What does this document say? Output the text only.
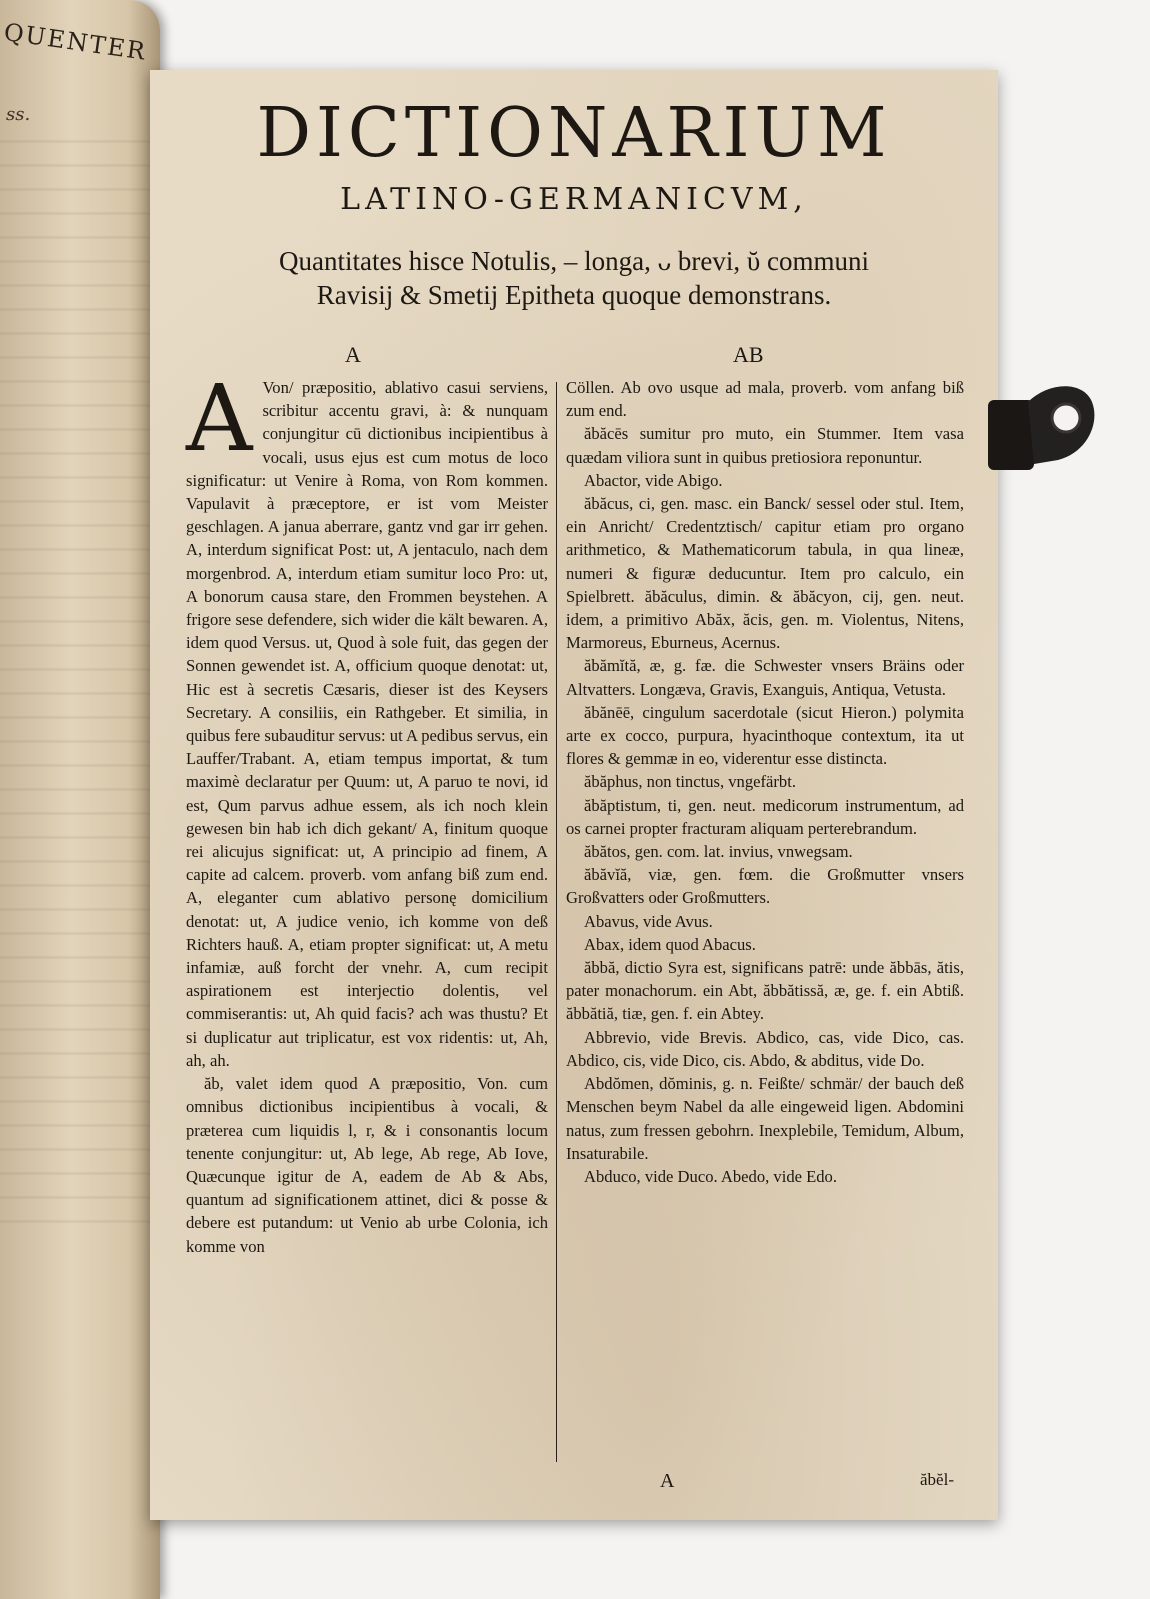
QUENTER
ss.	DICTIONARIUM
LATINO-GERMANICVM,
Quantitates hisce Notulis, ‒ longa, ᴗ brevi, ῠ communi
Ravisij & Smetij Epitheta quoque demonstrans.
A	AB

A Von/ præpositio, ablativo casui serviens, scribitur accentu gravi, à: & nunquam conjungitur cū dictionibus incipientibus à vocali, usus ejus est cum motus de loco significatur: ut Venire à Roma, von Rom kommen. Vapulavit à præceptore, er ist vom Meister geschlagen. A janua aberrare, gantz vnd gar irr gehen. A, interdum significat Post: ut, A jentaculo, nach dem morgenbrod. A, interdum etiam sumitur loco Pro: ut, A bonorum causa stare, den Frommen beystehen. A frigore sese defendere, sich wider die kält bewaren. A, idem quod Versus. ut, Quod à sole fuit, das gegen der Sonnen gewendet ist. A, officium quoque denotat: ut, Hic est à secretis Cæsaris, dieser ist des Keysers Secretary. A consiliis, ein Rathgeber. Et similia, in quibus fere subauditur servus: ut A pedibus servus, ein Lauffer/Trabant. A, etiam tempus importat, & tum maximè declaratur per Quum: ut, A paruo te novi, id est, Qum parvus adhue essem, als ich noch klein gewesen bin hab ich dich gekant/ A, finitum quoque rei alicujus significat: ut, A principio ad finem, A capite ad calcem. proverb. vom anfang biß zum end. A, eleganter cum ablativo personę domicilium denotat: ut, A judice venio, ich komme von deß Richters hauß. A, etiam propter significat: ut, A metu infamiæ, auß forcht der vnehr. A, cum recipit aspirationem est interjectio dolentis, vel commiserantis: ut, Ah quid facis? ach was thustu? Et si duplicatur aut triplicatur, est vox ridentis: ut, Ah, ah, ah.

ăb, valet idem quod A præpositio, Von. cum omnibus dictionibus incipientibus à vocali, & præterea cum liquidis l, r, & i consonantis locum tenente conjungitur: ut, Ab lege, Ab rege, Ab Iove, Quæcunque igitur de A, eadem de Ab & Abs, quantum ad significationem attinet, dici & posse & debere est putandum: ut Venio ab urbe Colonia, ich komme von

Cöllen. Ab ovo usque ad mala, proverb. vom anfang biß zum end.

ăbăcēs sumitur pro muto, ein Stummer. Item vasa quædam viliora sunt in quibus pretiosiora reponuntur.

Abactor, vide Abigo.

ăbăcus, ci, gen. masc. ein Banck/ sessel oder stul. Item, ein Anricht/ Credentztisch/ capitur etiam pro organo arithmetico, & Mathematicorum tabula, in qua lineæ, numeri & figuræ deducuntur. Item pro calculo, ein Spielbrett. ăbăculus, dimin. & ăbăcyon, cij, gen. neut. idem, a primitivo Abăx, ăcis, gen. m. Violentus, Nitens, Marmoreus, Eburneus, Acernus.

ăbămĭtă, æ, g. fæ. die Schwester vnsers Bräins oder Altvatters. Longæva, Gravis, Exanguis, Antiqua, Vetusta.

ăbănēē, cingulum sacerdotale (sicut Hieron.) polymita arte ex cocco, purpura, hyacinthoque contextum, ita ut flores & gemmæ in eo, viderentur esse distincta.

ăbăphus, non tinctus, vngefärbt.

ăbăptistum, ti, gen. neut. medicorum instrumentum, ad os carnei propter fracturam aliquam perterebrandum.

ăbătos, gen. com. lat. invius, vnwegsam.

ăbăvĭă, viæ, gen. fœm. die Großmutter vnsers Großvatters oder Großmutters.

Abavus, vide Avus.

Abax, idem quod Abacus.

ăbbă, dictio Syra est, significans patrē: unde ăbbās, ătis, pater monachorum. ein Abt, ăbbătissă, æ, ge. f. ein Abtiß. ăbbătiă, tiæ, gen. f. ein Abtey.

Abbrevio, vide Brevis. Abdico, cas, vide Dico, cas. Abdico, cis, vide Dico, cis. Abdo, & abditus, vide Do.

Abdŏmen, dŏminis, g. n. Feißte/ schmär/ der bauch deß Menschen beym Nabel da alle eingeweid ligen. Abdomini natus, zum fressen gebohrn. Inexplebile, Temidum, Album, Insaturabile.

Abduco, vide Duco. Abedo, vide Edo.

A	ăbĕl-
